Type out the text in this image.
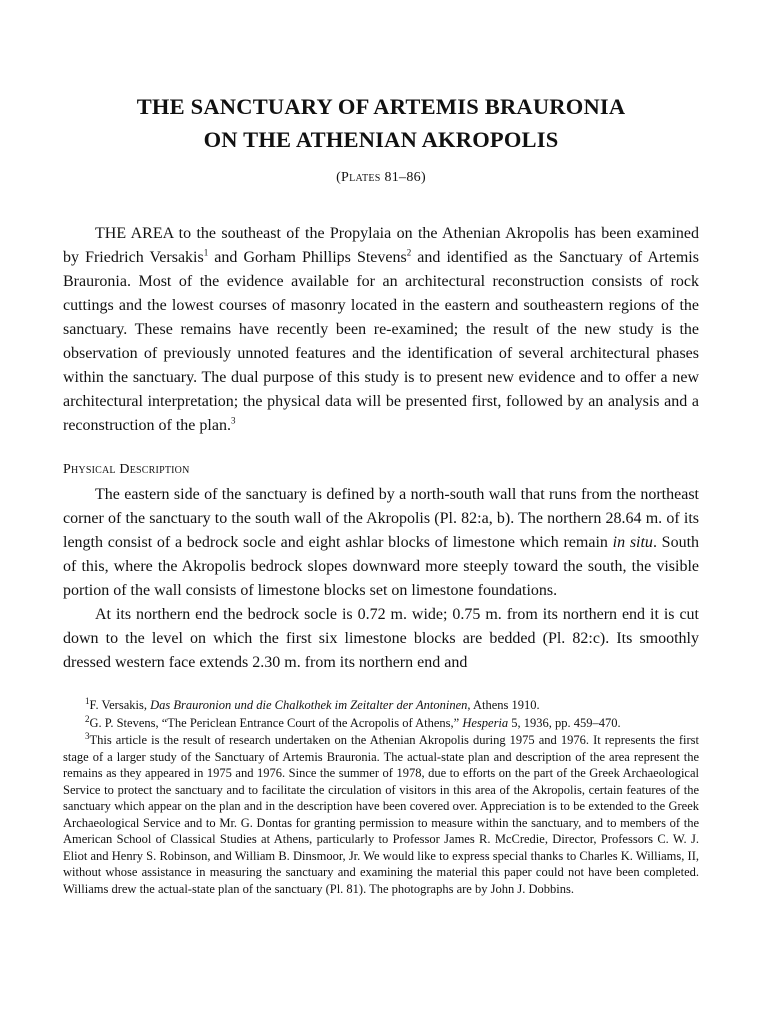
THE SANCTUARY OF ARTEMIS BRAURONIA
ON THE ATHENIAN AKROPOLIS
(Plates 81–86)

THE AREA to the southeast of the Propylaia on the Athenian Akropolis has been examined by Friedrich Versakis$^1$ and Gorham Phillips Stevens$^2$ and identified as the Sanctuary of Artemis Brauronia. Most of the evidence available for an architectural reconstruction consists of rock cuttings and the lowest courses of masonry located in the eastern and southeastern regions of the sanctuary. These remains have recently been re-examined; the result of the new study is the observation of previously unnoted features and the identification of several architectural phases within the sanctuary. The dual purpose of this study is to present new evidence and to offer a new architectural interpretation; the physical data will be presented first, followed by an analysis and a reconstruction of the plan.$^3$

Physical Description

The eastern side of the sanctuary is defined by a north-south wall that runs from the northeast corner of the sanctuary to the south wall of the Akropolis (Pl. 82:a, b). The northern 28.64 m. of its length consist of a bedrock socle and eight ashlar blocks of limestone which remain in situ. South of this, where the Akropolis bedrock slopes downward more steeply toward the south, the visible portion of the wall consists of limestone blocks set on limestone foundations.

At its northern end the bedrock socle is 0.72 m. wide; 0.75 m. from its northern end it is cut down to the level on which the first six limestone blocks are bedded (Pl. 82:c). Its smoothly dressed western face extends 2.30 m. from its northern end and

$^1$F. Versakis, Das Brauronion und die Chalkothek im Zeitalter der Antoninen, Athens 1910.

$^2$G. P. Stevens, “The Periclean Entrance Court of the Acropolis of Athens,” Hesperia 5, 1936, pp. 459–470.

$^3$This article is the result of research undertaken on the Athenian Akropolis during 1975 and 1976. It represents the first stage of a larger study of the Sanctuary of Artemis Brauronia. The actual-state plan and description of the area represent the remains as they appeared in 1975 and 1976. Since the summer of 1978, due to efforts on the part of the Greek Archaeological Service to protect the sanctuary and to facilitate the circulation of visitors in this area of the Akropolis, certain features of the sanctuary which appear on the plan and in the description have been covered over. Appreciation is to be extended to the Greek Archaeological Service and to Mr. G. Dontas for granting permission to measure within the sanctuary, and to members of the American School of Classical Studies at Athens, particularly to Professor James R. McCredie, Director, Professors C. W. J. Eliot and Henry S. Robinson, and William B. Dinsmoor, Jr. We would like to express special thanks to Charles K. Williams, II, without whose assistance in measuring the sanctuary and examining the material this paper could not have been completed. Williams drew the actual-state plan of the sanctuary (Pl. 81). The photographs are by John J. Dobbins.
